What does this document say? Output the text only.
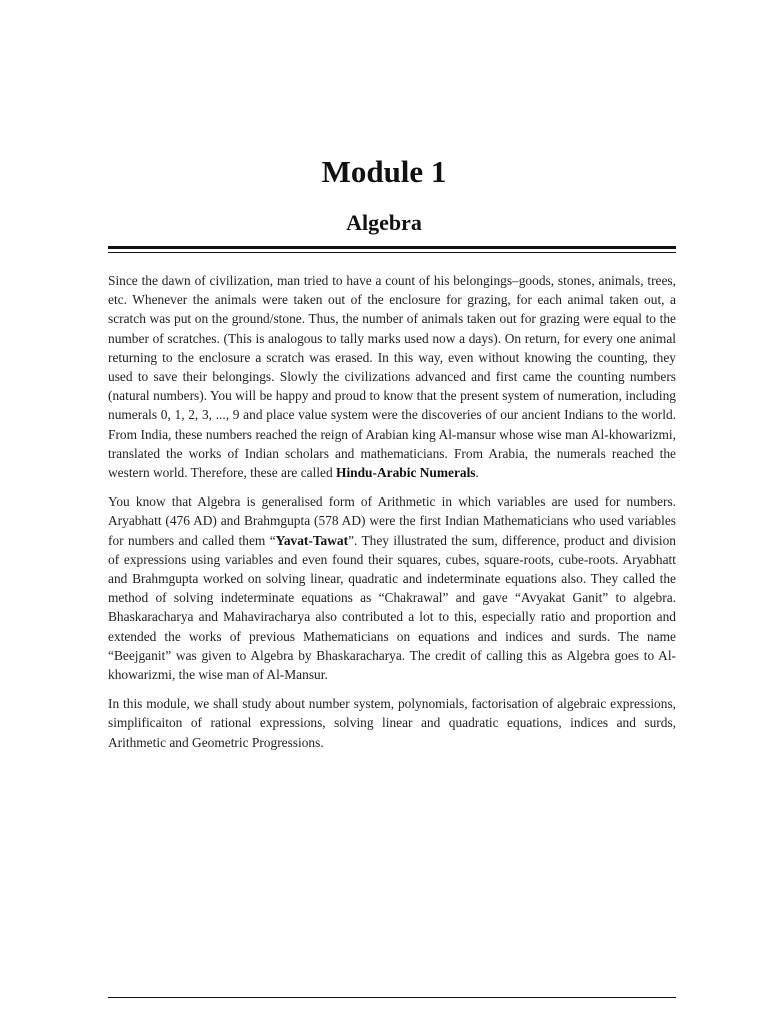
Module 1
Algebra

Since the dawn of civilization, man tried to have a count of his belongings–goods, stones, animals, trees, etc. Whenever the animals were taken out of the enclosure for grazing, for each animal taken out, a scratch was put on the ground/stone. Thus, the number of animals taken out for grazing were equal to the number of scratches. (This is analogous to tally marks used now a days). On return, for every one animal returning to the enclosure a scratch was erased. In this way, even without knowing the counting, they used to save their belongings. Slowly the civilizations advanced and first came the counting numbers (natural numbers). You will be happy and proud to know that the present system of numeration, including numerals 0, 1, 2, 3, ..., 9 and place value system were the discoveries of our ancient Indians to the world. From India, these numbers reached the reign of Arabian king Al-mansur whose wise man Al-khowarizmi, translated the works of Indian scholars and mathematicians. From Arabia, the numerals reached the western world. Therefore, these are called Hindu-Arabic Numerals.

You know that Algebra is generalised form of Arithmetic in which variables are used for numbers. Aryabhatt (476 AD) and Brahmgupta (578 AD) were the first Indian Mathematicians who used variables for numbers and called them “Yavat-Tawat”. They illustrated the sum, difference, product and division of expressions using variables and even found their squares, cubes, square-roots, cube-roots. Aryabhatt and Brahmgupta worked on solving linear, quadratic and indeterminate equations also. They called the method of solving indeterminate equations as “Chakrawal” and gave “Avyakat Ganit” to algebra. Bhaskaracharya and Mahaviracharya also contributed a lot to this, especially ratio and proportion and extended the works of previous Mathematicians on equations and indices and surds. The name “Beejganit” was given to Algebra by Bhaskaracharya. The credit of calling this as Algebra goes to Al-khowarizmi, the wise man of Al-Mansur.

In this module, we shall study about number system, polynomials, factorisation of algebraic expressions, simplificaiton of rational expressions, solving linear and quadratic equations, indices and surds, Arithmetic and Geometric Progressions.
